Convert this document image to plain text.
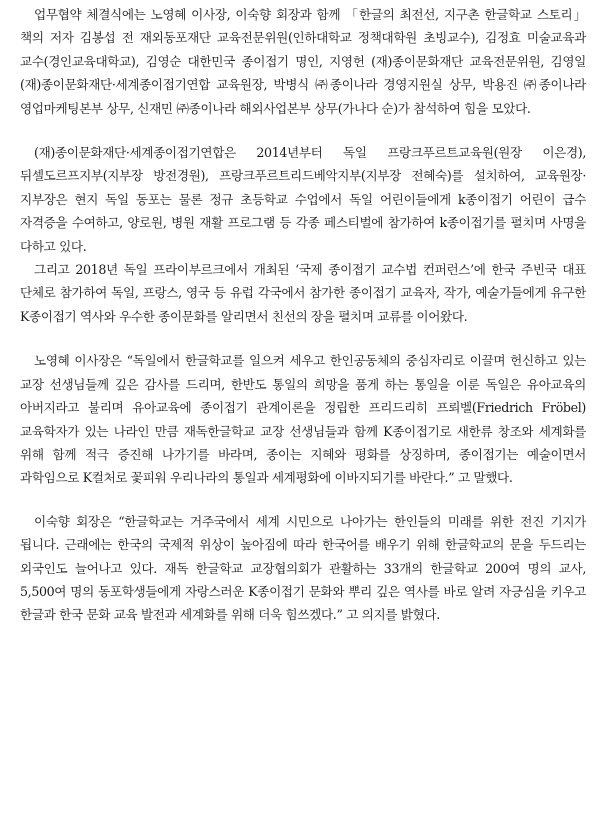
업무협약 체결식에는 노영혜 이사장, 이숙향 회장과 함께 「한글의 최전선, 지구촌 한글학교 스토리」책의 저자 김봉섭 전 재외동포재단 교육전문위원(인하대학교 정책대학원 초빙교수), 김정효 미술교육과 교수(경인교육대학교), 김영순 대한민국 종이접기 명인, 지영헌 (재)종이문화재단 교육전문위원, 김영일 (재)종이문화재단·세계종이접기연합 교육원장, 박병식 ㈜종이나라 경영지원실 상무, 박용진 ㈜종이나라 영업마케팅본부 상무, 신재민 ㈜종이나라 해외사업본부 상무(가나다 순)가 참석하여 힘을 모았다.

(재)종이문화재단·세계종이접기연합은 2014년부터 독일 프랑크푸르트교육원(원장 이은경), 뒤셀도르프지부(지부장 방전경원), 프랑크푸르트리드베악지부(지부장 전혜숙)를 설치하여, 교육원장·지부장은 현지 독일 동포는 물론 정규 초등학교 수업에서 독일 어린이들에게 k종이접기 어린이 급수 자격증을 수여하고, 양로원, 병원 재활 프로그램 등 각종 페스티벌에 참가하여 k종이접기를 펼치며 사명을 다하고 있다.

그리고 2018년 독일 프라이부르크에서 개최된 ‘국제 종이접기 교수법 컨퍼런스’에 한국 주빈국 대표 단체로 참가하여 독일, 프랑스, 영국 등 유럽 각국에서 참가한 종이접기 교육자, 작가, 예술가들에게 유구한 K종이접기 역사와 우수한 종이문화를 알리면서 친선의 장을 펼치며 교류를 이어왔다.

노영혜 이사장은 “독일에서 한글학교를 일으켜 세우고 한인공동체의 중심자리로 이끌며 헌신하고 있는 교장 선생님들께 깊은 감사를 드리며, 한반도 통일의 희망을 품게 하는 통일을 이룬 독일은 유아교육의 아버지라고 불리며 유아교육에 종이접기 관계이론을 정립한 프리드리히 프뢰벨(Friedrich Fröbel) 교육학자가 있는 나라인 만큼 재독한글학교 교장 선생님들과 함께 K종이접기로 새한류 창조와 세계화를 위해 함께 적극 증진해 나가기를 바라며, 종이는 지혜와 평화를 상징하며, 종이접기는 예술이면서 과학임으로 K컬처로 꽃피워 우리나라의 통일과 세계평화에 이바지되기를 바란다.” 고 말했다.

이숙향 회장은 “한글학교는 거주국에서 세계 시민으로 나아가는 한인들의 미래를 위한 전진 기지가 됩니다. 근래에는 한국의 국제적 위상이 높아짐에 따라 한국어를 배우기 위해 한글학교의 문을 두드리는 외국인도 늘어나고 있다. 재독 한글학교 교장협의회가 관활하는 33개의 한글학교 200여 명의 교사, 5,500여 명의 동포학생들에게 자랑스러운 K종이접기 문화와 뿌리 깊은 역사를 바로 알려 자긍심을 키우고 한글과 한국 문화 교육 발전과 세계화를 위해 더욱 힘쓰겠다.” 고 의지를 밝혔다.
